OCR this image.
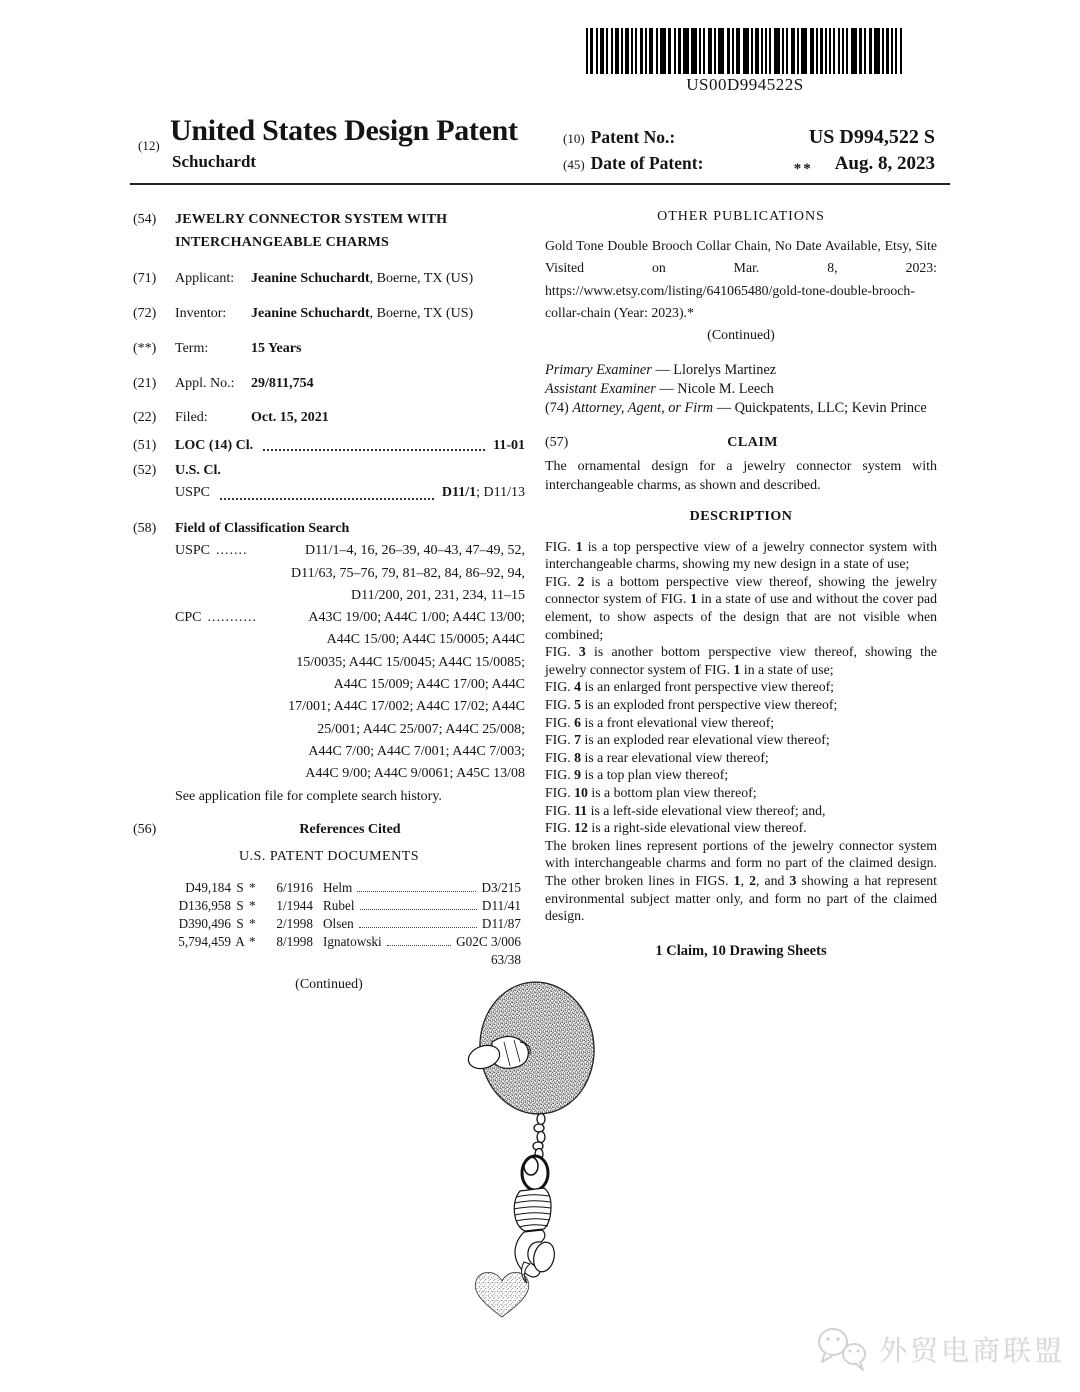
US00D994522S
(12) United States Design Patent
Schuchardt
(10) Patent No.:	US D994,522 S
(45) Date of Patent:	** Aug. 8, 2023
(54)	JEWELRY CONNECTOR SYSTEM WITH
INTERCHANGEABLE CHARMS
(71)	Applicant:	Jeanine Schuchardt, Boerne, TX (US)
(72)	Inventor:	Jeanine Schuchardt, Boerne, TX (US)
(**)	Term:	15 Years
(21)	Appl. No.:	29/811,754
(22)	Filed:	Oct. 15, 2021
(51)	LOC (14) Cl.	11-01
(52)	U.S. Cl.
USPC	D11/1; D11/13
(58)	Field of Classification Search
USPC .......	D11/1–4, 16, 26–39, 40–43, 47–49, 52,
D11/63, 75–76, 79, 81–82, 84, 86–92, 94,
D11/200, 201, 231, 234, 11–15
CPC ...........	A43C 19/00; A44C 1/00; A44C 13/00;
A44C 15/00; A44C 15/0005; A44C
15/0035; A44C 15/0045; A44C 15/0085;
A44C 15/009; A44C 17/00; A44C
17/001; A44C 17/002; A44C 17/02; A44C
25/001; A44C 25/007; A44C 25/008;
A44C 7/00; A44C 7/001; A44C 7/003;
A44C 9/00; A44C 9/0061; A45C 13/08
See application file for complete search history.
(56)	References Cited
U.S. PATENT DOCUMENTS
D49,184 S *	6/1916 Helm	D3/215
D136,958 S *	1/1944 Rubel	D11/41
D390,496 S *	2/1998 Olsen	D11/87
5,794,459 A *	8/1998 Ignatowski	G02C 3/006
63/38
(Continued)
OTHER PUBLICATIONS
Gold Tone Double Brooch Collar Chain, No Date Available, Etsy, Site Visited on Mar. 8, 2023: https://www.etsy.com/listing/641065480/gold-tone-double-brooch-collar-chain (Year: 2023).*
(Continued)
Primary Examiner — Llorelys Martinez
Assistant Examiner — Nicole M. Leech
(74) Attorney, Agent, or Firm — Quickpatents, LLC; Kevin Prince
(57)	CLAIM
The ornamental design for a jewelry connector system with interchangeable charms, as shown and described.
DESCRIPTION
FIG. 1 is a top perspective view of a jewelry connector system with interchangeable charms, showing my new design in a state of use;
FIG. 2 is a bottom perspective view thereof, showing the jewelry connector system of FIG. 1 in a state of use and without the cover pad element, to show aspects of the design that are not visible when combined;
FIG. 3 is another bottom perspective view thereof, showing the jewelry connector system of FIG. 1 in a state of use;
FIG. 4 is an enlarged front perspective view thereof;
FIG. 5 is an exploded front perspective view thereof;
FIG. 6 is a front elevational view thereof;
FIG. 7 is an exploded rear elevational view thereof;
FIG. 8 is a rear elevational view thereof;
FIG. 9 is a top plan view thereof;
FIG. 10 is a bottom plan view thereof;
FIG. 11 is a left-side elevational view thereof; and,
FIG. 12 is a right-side elevational view thereof.
The broken lines represent portions of the jewelry connector system with interchangeable charms and form no part of the claimed design. The other broken lines in FIGS. 1, 2, and 3 showing a hat represent environmental subject matter only, and form no part of the claimed design.
1 Claim, 10 Drawing Sheets
外贸电商联盟
